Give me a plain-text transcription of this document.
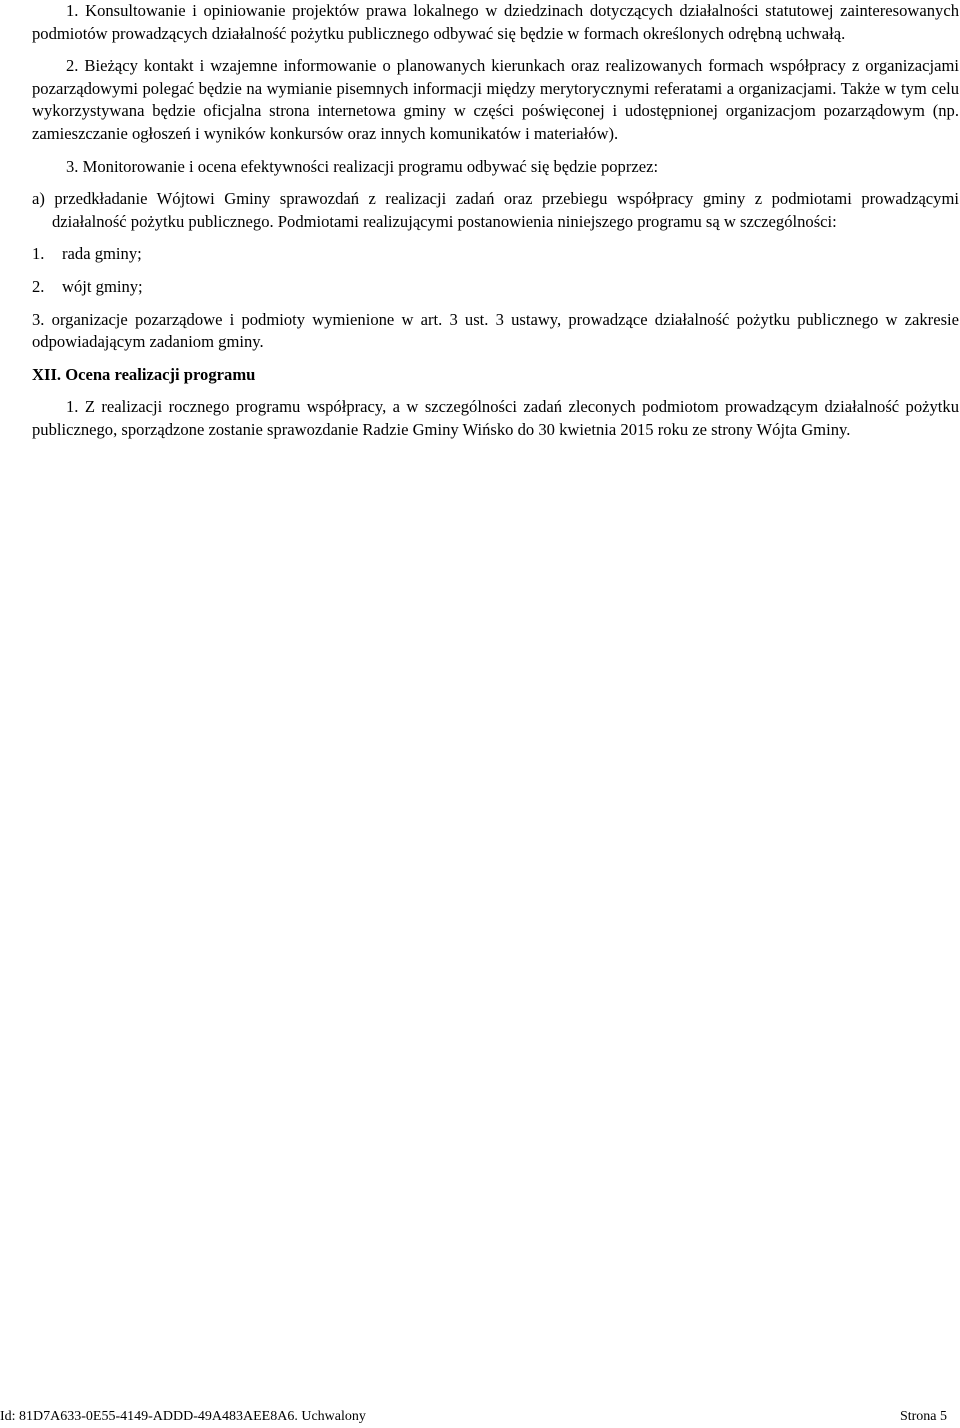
1. Konsultowanie i opiniowanie projektów prawa lokalnego w dziedzinach dotyczących działalności statutowej zainteresowanych podmiotów prowadzących działalność pożytku publicznego odbywać się będzie w formach określonych odrębną uchwałą.

2. Bieżący kontakt i wzajemne informowanie o planowanych kierunkach oraz realizowanych formach współpracy z organizacjami pozarządowymi polegać będzie na wymianie pisemnych informacji między merytorycznymi referatami a organizacjami. Także w tym celu wykorzystywana będzie oficjalna strona internetowa gminy w części poświęconej i udostępnionej organizacjom pozarządowym (np. zamieszczanie ogłoszeń i wyników konkursów oraz innych komunikatów i materiałów).

3. Monitorowanie i ocena efektywności realizacji programu odbywać się będzie poprzez:

a) przedkładanie Wójtowi Gminy sprawozdań z realizacji zadań oraz przebiegu współpracy gminy z podmiotami prowadzącymi działalność pożytku publicznego. Podmiotami realizującymi postanowienia niniejszego programu są w szczególności:

1. rada gminy;

2. wójt gminy;

3. organizacje pozarządowe i podmioty wymienione w art. 3 ust. 3 ustawy, prowadzące działalność pożytku publicznego w zakresie odpowiadającym zadaniom gminy.

XII. Ocena realizacji programu

1. Z realizacji rocznego programu współpracy, a w szczególności zadań zleconych podmiotom prowadzącym działalność pożytku publicznego, sporządzone zostanie sprawozdanie Radzie Gminy Wińsko do 30 kwietnia 2015 roku ze strony Wójta Gminy.

Id: 81D7A633-0E55-4149-ADDD-49A483AEE8A6. Uchwalony	Strona 5
